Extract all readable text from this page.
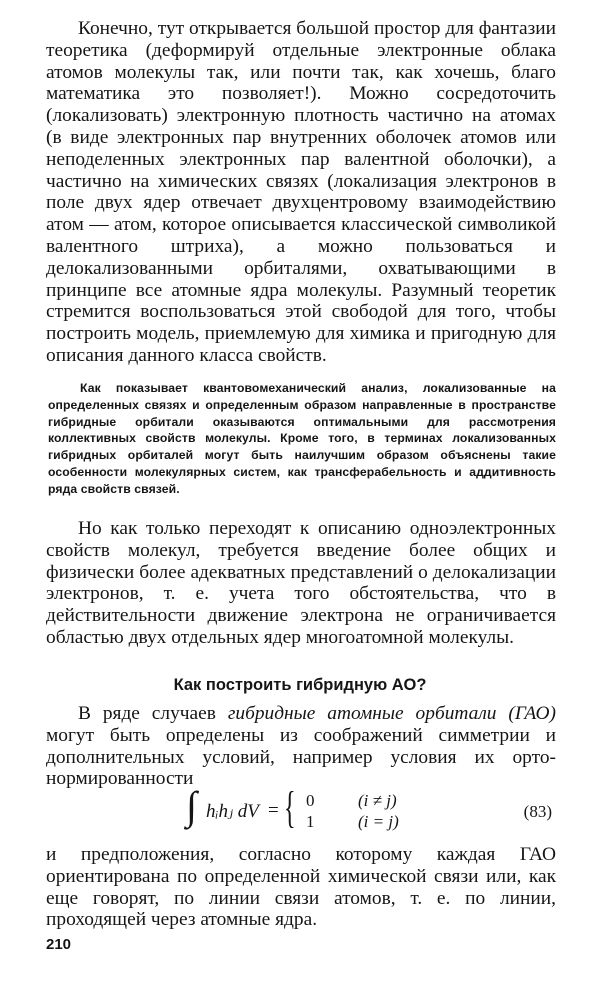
Конечно, тут открывается большой простор для фантазии теоретика (деформируй отдельные электронные облака атомов молекулы так, или почти так, как хочешь, благо математика это позволяет!). Можно сосредоточить (локализовать) электронную плотность частично на атомах (в виде электронных пар внутренних оболочек атомов или неподеленных электронных пар валентной оболочки), а частично на химических связях (локализация электронов в поле двух ядер отвечает двухцентровому взаимодействию атом — атом, которое описывается классической символикой валентного штриха), а можно пользоваться и делокализованными орбиталями, охватывающими в принципе все атомные ядра молекулы. Разумный теоретик стремится воспользоваться этой свободой для того, чтобы построить модель, приемлемую для химика и пригодную для описания данного класса свойств.

Как показывает квантовомеханический анализ, локализованные на определенных связях и определенным образом направленные в пространстве гибридные орбитали оказываются оптимальными для рассмотрения коллективных свойств молекулы. Кроме того, в терминах локализованных гибридных орбиталей могут быть наилучшим образом объяснены такие особенности молекулярных систем, как трансферабельность и аддитивность ряда свойств связей.

Но как только переходят к описанию одноэлектронных свойств молекул, требуется введение более общих и физически более адекватных представлений о делокализации электронов, т. е. учета того обстоятельства, что в действительности движение электрона не ограничивается областью двух отдельных ядер многоатомной молекулы.

Как построить гибридную АО?

В ряде случаев гибридные атомные орбитали (ГАО) могут быть определены из соображений симметрии и дополнительных условий, например условия их орто-нормированности

∫ hᵢhⱼ dV = { 0
1
(i ≠ j)
(i = j)
(83)

и предположения, согласно которому каждая ГАО ориентирована по определенной химической связи или, как еще говорят, по линии связи атомов, т. е. по линии, проходящей через атомные ядра.

210
